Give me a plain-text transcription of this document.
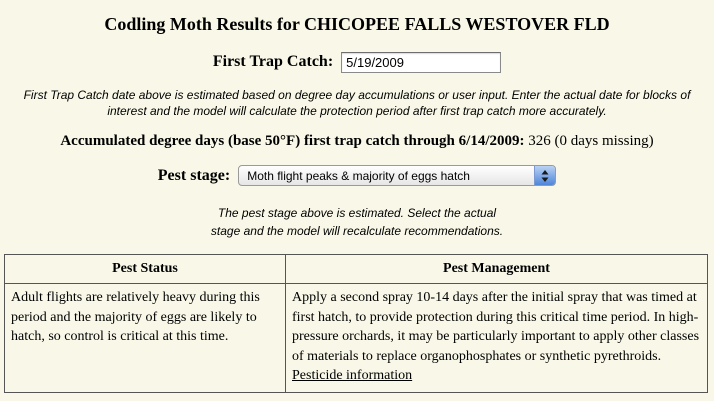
Codling Moth Results for CHICOPEE FALLS WESTOVER FLD
First Trap Catch: 5/19/2009
First Trap Catch date above is estimated based on degree day accumulations or user input. Enter the actual date for blocks of interest and the model will calculate the protection period after first trap catch more accurately.
Accumulated degree days (base 50°F) first trap catch through 6/14/2009: 326 (0 days missing)
Pest stage: Moth flight peaks & majority of eggs hatch
The pest stage above is estimated. Select the actual
stage and the model will recalculate recommendations.
Pest Status	Pest Management
Adult flights are relatively heavy during this period and the majority of eggs are likely to hatch, so control is critical at this time.	Apply a second spray 10-14 days after the initial spray that was timed at first hatch, to provide protection during this critical time period. In high-pressure orchards, it may be particularly important to apply other classes of materials to replace organophosphates or synthetic pyrethroids. Pesticide information
